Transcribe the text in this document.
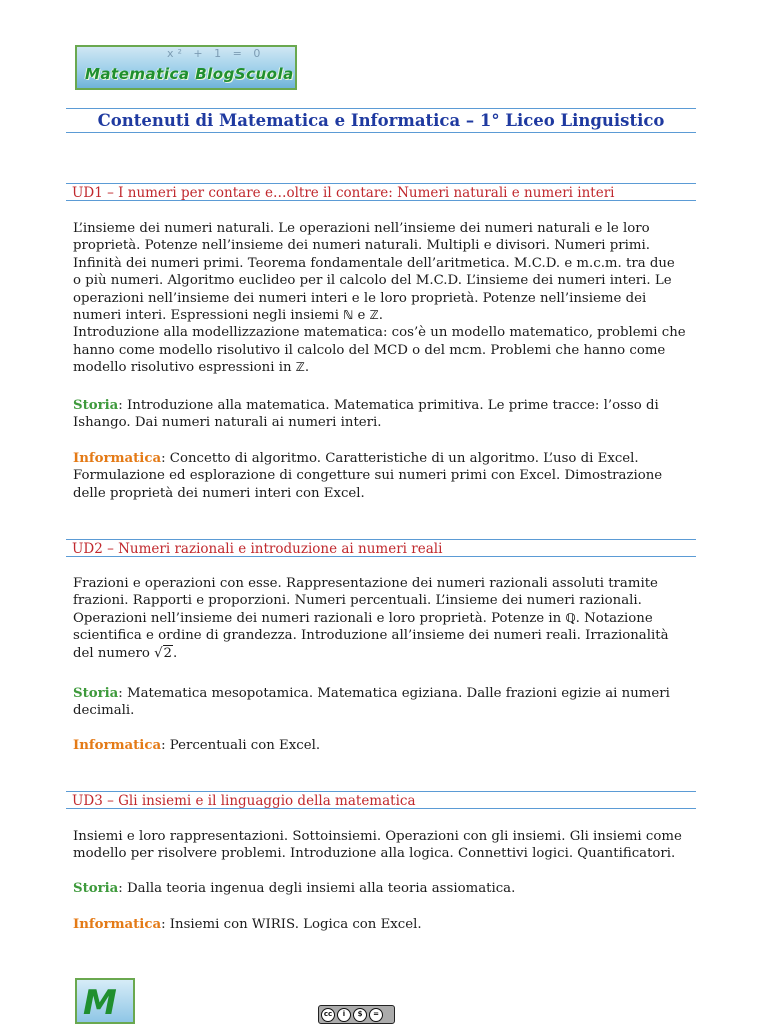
x² + 1 = 0
Matematica BlogScuola
Contenuti di Matematica e Informatica – 1° Liceo Linguistico
UD1 – I numeri per contare e…oltre il contare: Numeri naturali e numeri interi
L’insieme dei numeri naturali. Le operazioni nell’insieme dei numeri naturali e le loro
proprietà. Potenze nell’insieme dei numeri naturali. Multipli e divisori. Numeri primi.
Infinità dei numeri primi. Teorema fondamentale dell’aritmetica. M.C.D. e m.c.m. tra due
o più numeri. Algoritmo euclideo per il calcolo del M.C.D. L’insieme dei numeri interi. Le
operazioni nell’insieme dei numeri interi e le loro proprietà. Potenze nell’insieme dei
numeri interi. Espressioni negli insiemi ℕ e ℤ.
Introduzione alla modellizzazione matematica: cos’è un modello matematico, problemi che
hanno come modello risolutivo il calcolo del MCD o del mcm. Problemi che hanno come
modello risolutivo espressioni in ℤ.
Storia: Introduzione alla matematica. Matematica primitiva. Le prime tracce: l’osso di
Ishango. Dai numeri naturali ai numeri interi.
Informatica: Concetto di algoritmo. Caratteristiche di un algoritmo. L’uso di Excel.
Formulazione ed esplorazione di congetture sui numeri primi con Excel. Dimostrazione
delle proprietà dei numeri interi con Excel.
UD2 – Numeri razionali e introduzione ai numeri reali
Frazioni e operazioni con esse. Rappresentazione dei numeri razionali assoluti tramite
frazioni. Rapporti e proporzioni. Numeri percentuali. L’insieme dei numeri razionali.
Operazioni nell’insieme dei numeri razionali e loro proprietà. Potenze in ℚ. Notazione
scientifica e ordine di grandezza. Introduzione all’insieme dei numeri reali. Irrazionalità
del numero √2.
Storia: Matematica mesopotamica. Matematica egiziana. Dalle frazioni egizie ai numeri
decimali.
Informatica: Percentuali con Excel.
UD3 – Gli insiemi e il linguaggio della matematica
Insiemi e loro rappresentazioni. Sottoinsiemi. Operazioni con gli insiemi. Gli insiemi come
modello per risolvere problemi. Introduzione alla logica. Connettivi logici. Quantificatori.
Storia: Dalla teoria ingenua degli insiemi alla teoria assiomatica.
Informatica: Insiemi con WIRIS. Logica con Excel.
M	cc	i	$	=
